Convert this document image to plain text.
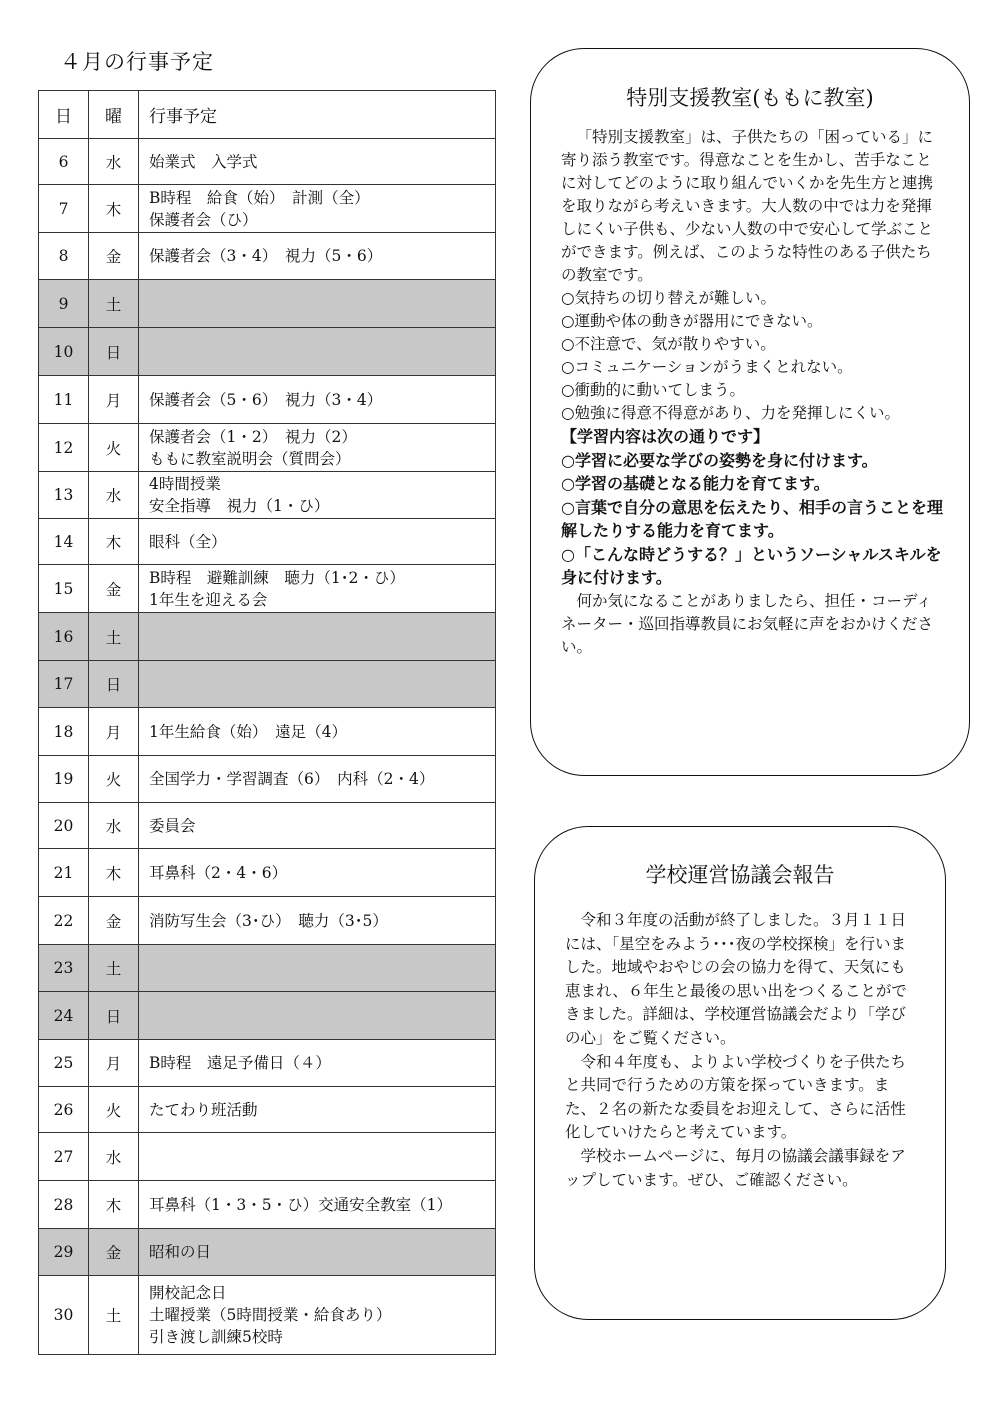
４月の行事予定
日	曜	行事予定
6	水	始業式　入学式

7	木	B時程　給食（始）　計測（全）
保護者会（ひ）

8	金	保護者会（3・4）　視力（5・6）

9	土	
10	日	
11	月	保護者会（5・6）　視力（3・4）

12	火	保護者会（1・2）　視力（2）
ももに教室説明会（質問会）

13	水	4時間授業
安全指導　視力（1・ひ）

14	木	眼科（全）

15	金	B時程　避難訓練　聴力（1･2・ひ）
1年生を迎える会

16	土	
17	日	
18	月	1年生給食（始）　遠足（4）

19	火	全国学力・学習調査（6）　内科（2・4）

20	水	委員会

21	木	耳鼻科（2・4・6）

22	金	消防写生会（3･ひ）　聴力（3･5）

23	土	
24	日	
25	月	B時程　遠足予備日（４）

26	火	たてわり班活動

27	水	
28	木	耳鼻科（1・3・5・ひ）交通安全教室（1）

29	金	昭和の日

30	土	開校記念日
土曜授業（5時間授業・給食あり）
引き渡し訓練5校時
特別支援教室(ももに教室)

「特別支援教室」は、子供たちの「困っている」に寄り添う教室です。得意なことを生かし、苦手なことに対してどのように取り組んでいくかを先生方と連携を取りながら考えいきます。大人数の中では力を発揮しにくい子供も、少ない人数の中で安心して学ぶことができます。例えば、このような特性のある子供たちの教室です。

○気持ちの切り替えが難しい。

○運動や体の動きが器用にできない。

○不注意で、気が散りやすい。

○コミュニケーションがうまくとれない。

○衝動的に動いてしまう。

○勉強に得意不得意があり、力を発揮しにくい。

【学習内容は次の通りです】

○学習に必要な学びの姿勢を身に付けます。

○学習の基礎となる能力を育てます。

○言葉で自分の意思を伝えたり、相手の言うことを理解したりする能力を育てます。

○「こんな時どうする？」というソーシャルスキルを身に付けます。

何か気になることがありましたら、担任・コーディネーター・巡回指導教員にお気軽に声をおかけください。

学校運営協議会報告

令和３年度の活動が終了しました。３月１１日には、「星空をみよう･･･夜の学校探検」を行いました。地域やおやじの会の協力を得て、天気にも恵まれ、６年生と最後の思い出をつくることができました。詳細は、学校運営協議会だより「学びの心」をご覧ください。

令和４年度も、よりよい学校づくりを子供たちと共同で行うための方策を探っていきます。また、２名の新たな委員をお迎えして、さらに活性化していけたらと考えています。

学校ホームページに、毎月の協議会議事録をアップしています。ぜひ、ご確認ください。
